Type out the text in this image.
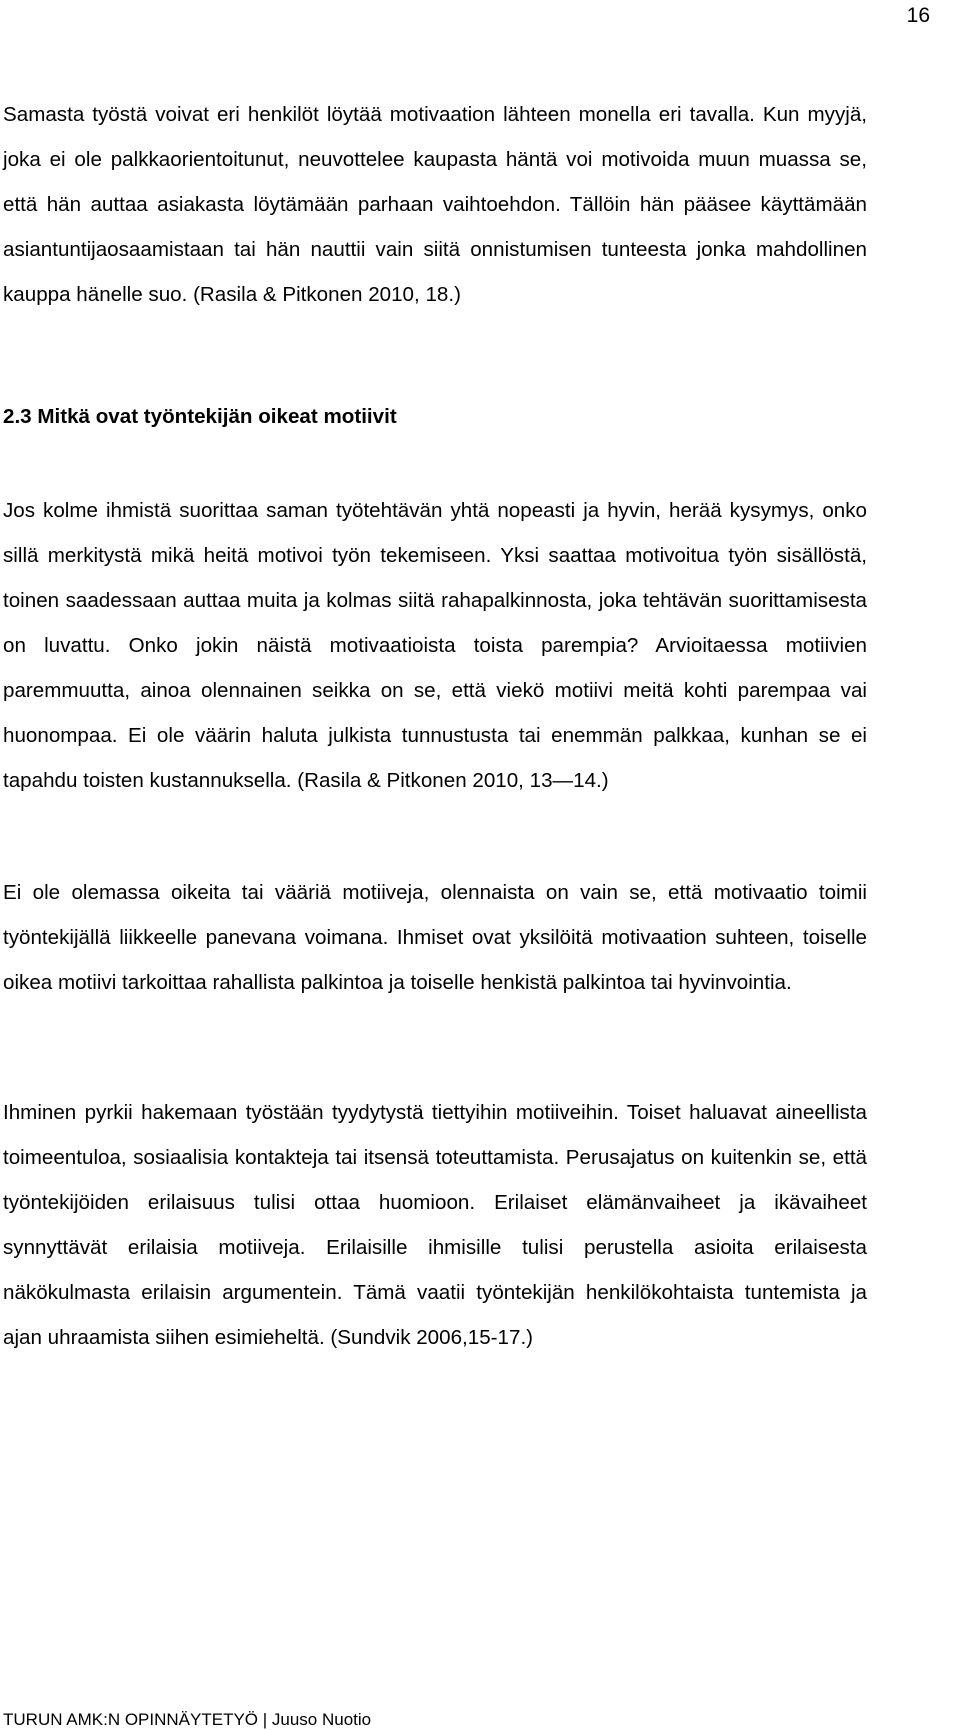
16

Samasta työstä voivat eri henkilöt löytää motivaation lähteen monella eri tavalla. Kun myyjä, joka ei ole palkkaorientoitunut, neuvottelee kaupasta häntä voi motivoida muun muassa se, että hän auttaa asiakasta löytämään parhaan vaihtoehdon. Tällöin hän pääsee käyttämään asiantuntijaosaamistaan tai hän nauttii vain siitä onnistumisen tunteesta jonka mahdollinen kauppa hänelle suo. (Rasila & Pitkonen 2010, 18.)

2.3 Mitkä ovat työntekijän oikeat motiivit

Jos kolme ihmistä suorittaa saman työtehtävän yhtä nopeasti ja hyvin, herää kysymys, onko sillä merkitystä mikä heitä motivoi työn tekemiseen. Yksi saattaa motivoitua työn sisällöstä, toinen saadessaan auttaa muita ja kolmas siitä rahapalkinnosta, joka tehtävän suorittamisesta on luvattu. Onko jokin näistä motivaatioista toista parempia? Arvioitaessa motiivien paremmuutta, ainoa olennainen seikka on se, että viekö motiivi meitä kohti parempaa vai huonompaa. Ei ole väärin haluta julkista tunnustusta tai enemmän palkkaa, kunhan se ei tapahdu toisten kustannuksella. (Rasila & Pitkonen 2010, 13—14.)

Ei ole olemassa oikeita tai vääriä motiiveja, olennaista on vain se, että motivaatio toimii työntekijällä liikkeelle panevana voimana. Ihmiset ovat yksilöitä motivaation suhteen, toiselle oikea motiivi tarkoittaa rahallista palkintoa ja toiselle henkistä palkintoa tai hyvinvointia.

Ihminen pyrkii hakemaan työstään tyydytystä tiettyihin motiiveihin. Toiset haluavat aineellista toimeentuloa, sosiaalisia kontakteja tai itsensä toteuttamista. Perusajatus on kuitenkin se, että työntekijöiden erilaisuus tulisi ottaa huomioon. Erilaiset elämänvaiheet ja ikävaiheet synnyttävät erilaisia motiiveja. Erilaisille ihmisille tulisi perustella asioita erilaisesta näkökulmasta erilaisin argumentein. Tämä vaatii työntekijän henkilökohtaista tuntemista ja ajan uhraamista siihen esimieheltä. (Sundvik 2006,15-17.)

TURUN AMK:N OPINNÄYTETYÖ | Juuso Nuotio
